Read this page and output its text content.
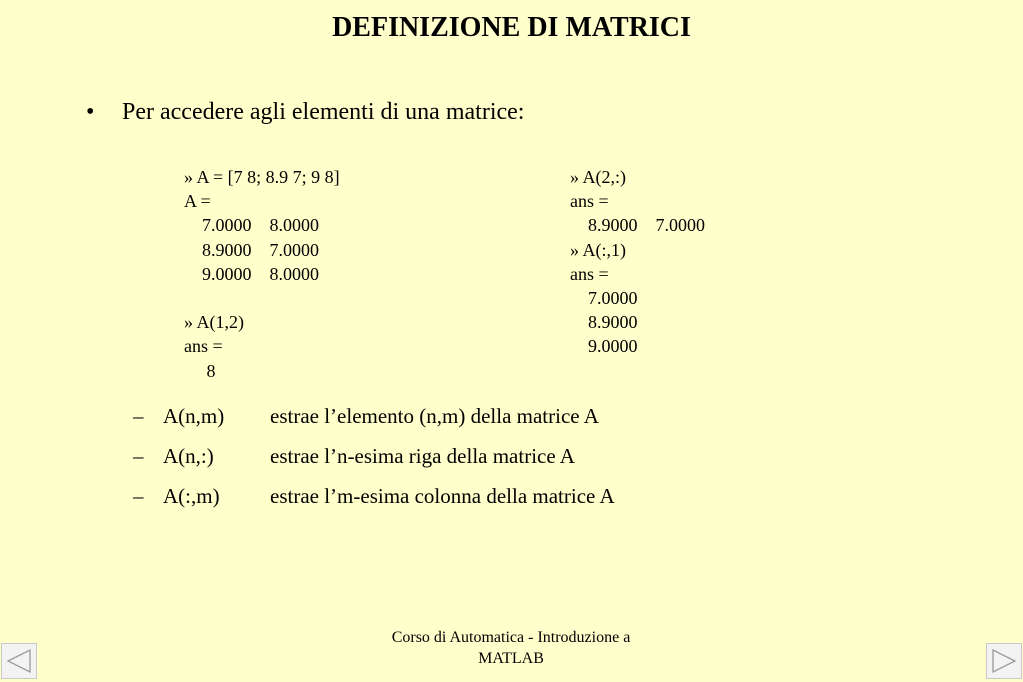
DEFINIZIONE DI MATRICI
• Per accedere agli elementi di una matrice:
» A = [7 8; 8.9 7; 9 8]
A =
7.0000    8.0000
8.9000    7.0000
9.0000    8.0000
» A(1,2)
ans =
8
» A(2,:)
ans =
8.9000    7.0000
» A(:,1)
ans =
7.0000
8.9000
9.0000
– A(n,m) estrae l’elemento (n,m) della matrice A
– A(n,:)	estrae l’n-esima riga della matrice A
– A(:,m) estrae l’m-esima colonna della matrice A
Corso di Automatica - Introduzione a
MATLAB
